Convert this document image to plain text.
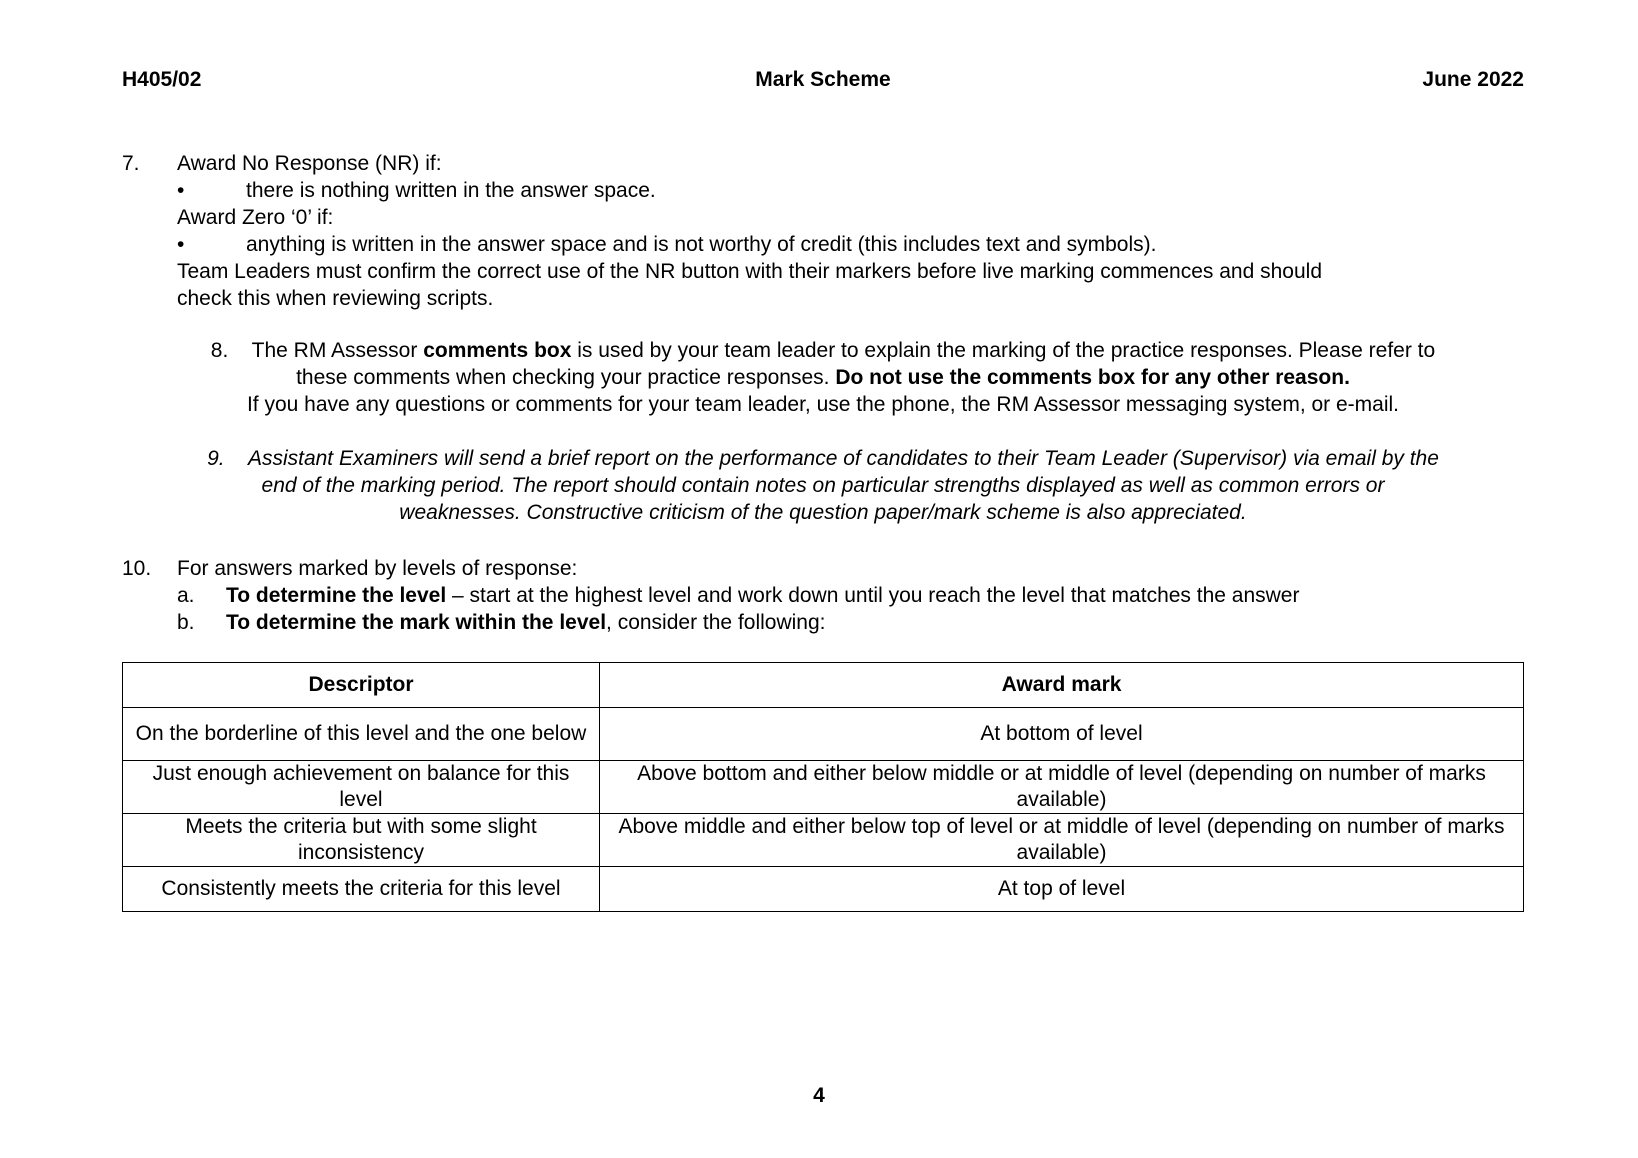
H405/02	Mark Scheme	June 2022
7. Award No Response (NR) if:
•	there is nothing written in the answer space.
Award Zero ‘0’ if:
•	anything is written in the answer space and is not worthy of credit (this includes text and symbols).
Team Leaders must confirm the correct use of the NR button with their markers before live marking commences and should
check this when reviewing scripts.
8. The RM Assessor comments box is used by your team leader to explain the marking of the practice responses. Please refer to
these comments when checking your practice responses. Do not use the comments box for any other reason.
If you have any questions or comments for your team leader, use the phone, the RM Assessor messaging system, or e-mail.
9. Assistant Examiners will send a brief report on the performance of candidates to their Team Leader (Supervisor) via email by the
end of the marking period. The report should contain notes on particular strengths displayed as well as common errors or
weaknesses. Constructive criticism of the question paper/mark scheme is also appreciated.
10. For answers marked by levels of response:
a. To determine the level – start at the highest level and work down until you reach the level that matches the answer
b. To determine the mark within the level, consider the following:
Descriptor	Award mark
On the borderline of this level and the one below	At bottom of level
Just enough achievement on balance for this level	Above bottom and either below middle or at middle of level (depending on number of marks available)
Meets the criteria but with some slight inconsistency	Above middle and either below top of level or at middle of level (depending on number of marks available)
Consistently meets the criteria for this level	At top of level
4
